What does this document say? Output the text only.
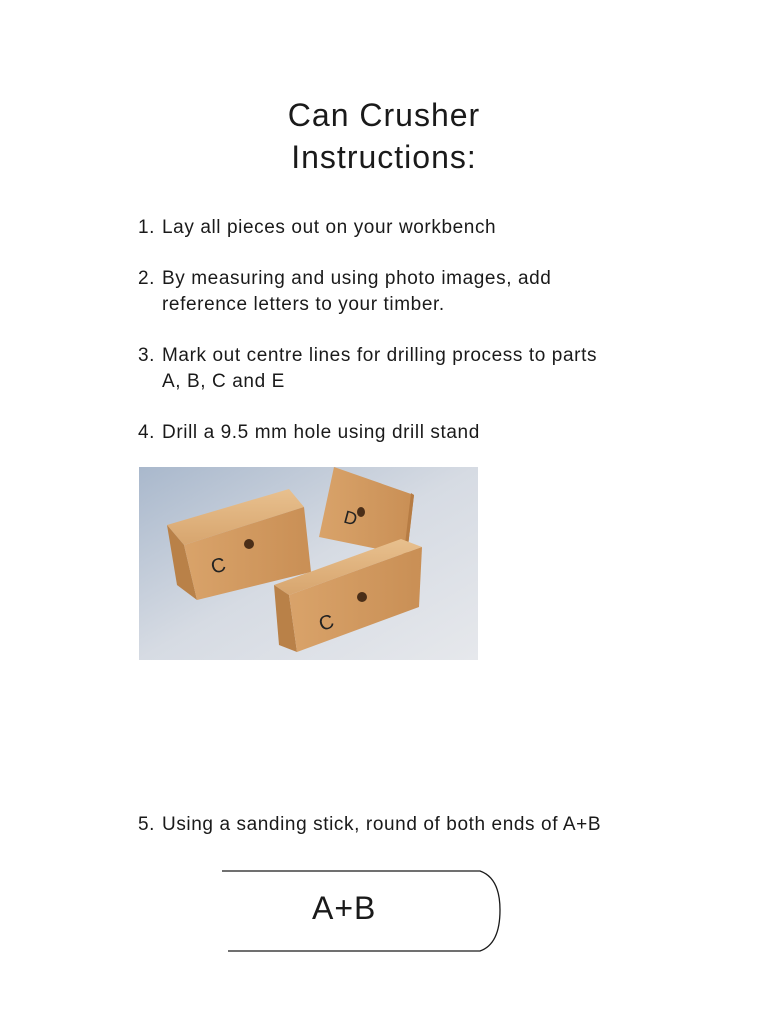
Can Crusher
Instructions:
1. Lay all pieces out on your workbench
2. By measuring and using photo images, add
reference letters to your timber.
3. Mark out centre lines for drilling process to parts
A, B, C and E
4. Drill a 9.5 mm hole using drill stand
D
C
C
5. Using a sanding stick, round of both ends of A+B
A+B
